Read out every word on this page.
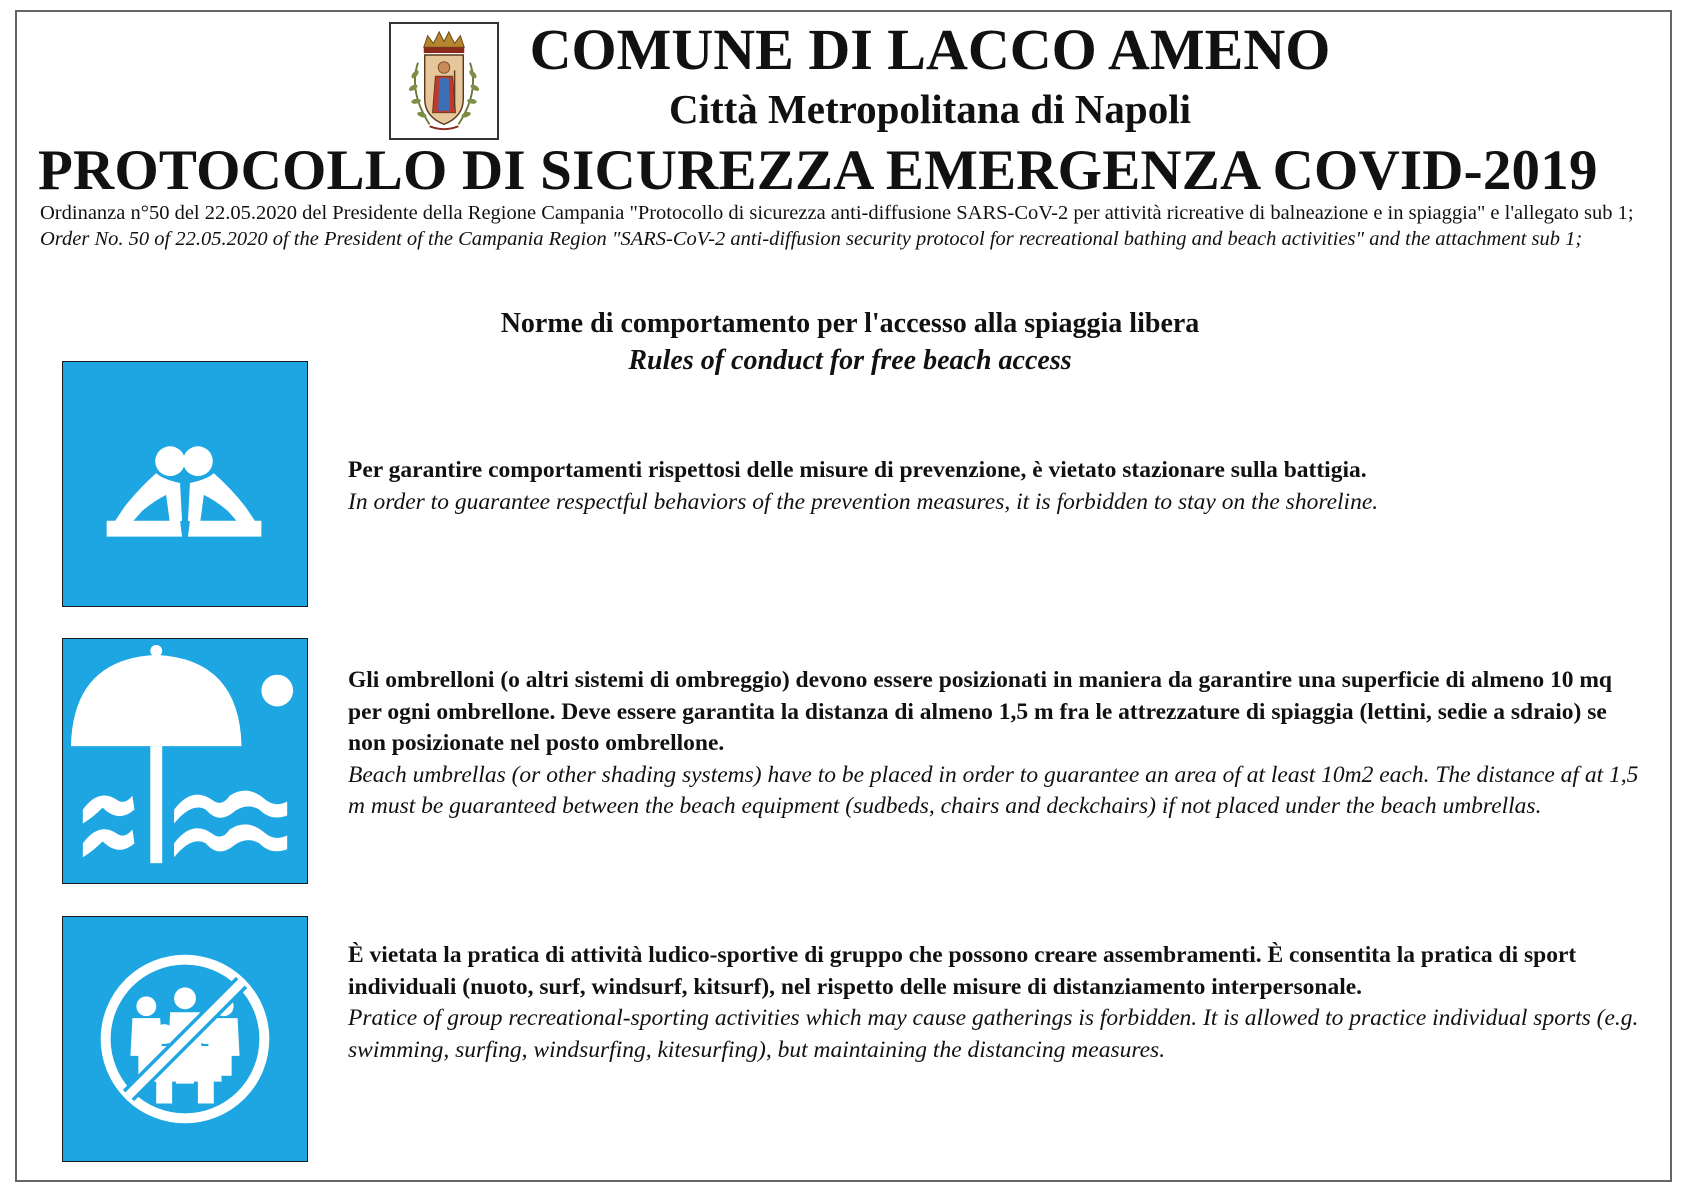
COMUNE DI LACCO AMENO
Città Metropolitana di Napoli
PROTOCOLLO DI SICUREZZA EMERGENZA COVID-2019
Ordinanza n°50 del 22.05.2020 del Presidente della Regione Campania "Protocollo di sicurezza anti-diffusione SARS-CoV-2 per attività ricreative di balneazione e in spiaggia" e l'allegato sub 1;
Order No. 50 of 22.05.2020 of the President of the Campania Region "SARS-CoV-2 anti-diffusion security protocol for recreational bathing and beach activities" and the attachment sub 1;
Norme di comportamento per l'accesso alla spiaggia libera
Rules of conduct for free beach access
Per garantire comportamenti rispettosi delle misure di prevenzione, è vietato stazionare sulla battigia.
In order to guarantee respectful behaviors of the prevention measures, it is forbidden to stay on the shoreline.
Gli ombrelloni (o altri sistemi di ombreggio) devono essere posizionati in maniera da garantire una superficie di almeno 10 mq per ogni ombrellone. Deve essere garantita la distanza di almeno 1,5 m fra le attrezzature di spiaggia (lettini, sedie a sdraio) se non posizionate nel posto ombrellone.
Beach umbrellas (or other shading systems) have to be placed in order to guarantee an area of at least 10m2 each. The distance af at 1,5 m must be guaranteed between the beach equipment (sudbeds, chairs and deckchairs) if not placed under the beach umbrellas.
È vietata la pratica di attività ludico-sportive di gruppo che possono creare assembramenti. È consentita la pratica di sport individuali (nuoto, surf, windsurf, kitsurf), nel rispetto delle misure di distanziamento interpersonale.
Pratice of group recreational-sporting activities which may cause gatherings is forbidden. It is allowed to practice individual sports (e.g. swimming, surfing, windsurfing, kitesurfing), but maintaining the distancing measures.
